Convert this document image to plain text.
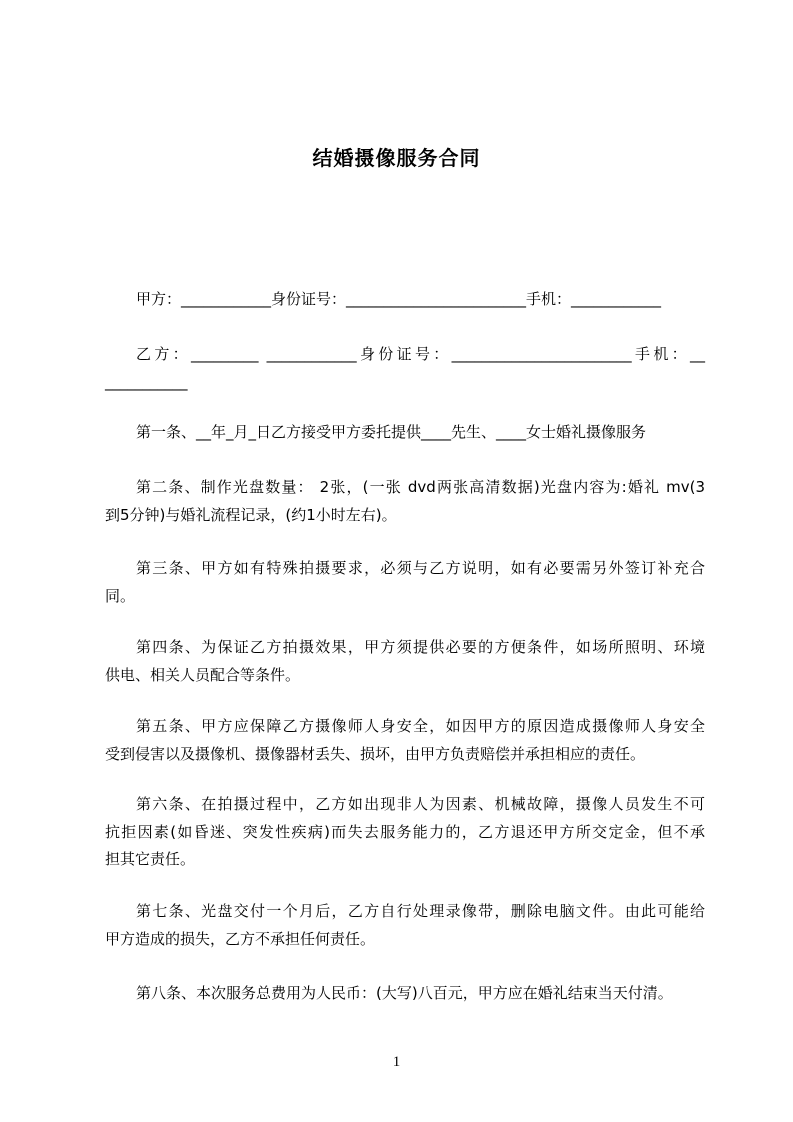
结婚摄像服务合同
甲方：____________身份证号：________________________手机：____________
乙方：_________ ____________身份证号：________________________手机：__
___________
第一条、__年_月_日乙方接受甲方委托提供____先生、____女士婚礼摄像服务
第二条、制作光盘数量： 2张，(一张 dvd两张高清数据)光盘内容为:婚礼 mv(3
到5分钟)与婚礼流程记录，(约1小时左右)。
第三条、甲方如有特殊拍摄要求，必须与乙方说明，如有必要需另外签订补充合
同。
第四条、为保证乙方拍摄效果，甲方须提供必要的方便条件，如场所照明、环境
供电、相关人员配合等条件。
第五条、甲方应保障乙方摄像师人身安全，如因甲方的原因造成摄像师人身安全
受到侵害以及摄像机、摄像器材丢失、损坏，由甲方负责赔偿并承担相应的责任。
第六条、在拍摄过程中，乙方如出现非人为因素、机械故障，摄像人员发生不可
抗拒因素(如昏迷、突发性疾病)而失去服务能力的，乙方退还甲方所交定金，但不承
担其它责任。
第七条、光盘交付一个月后，乙方自行处理录像带，删除电脑文件。由此可能给
甲方造成的损失，乙方不承担任何责任。
第八条、本次服务总费用为人民币：(大写)八百元，甲方应在婚礼结束当天付清。
1
